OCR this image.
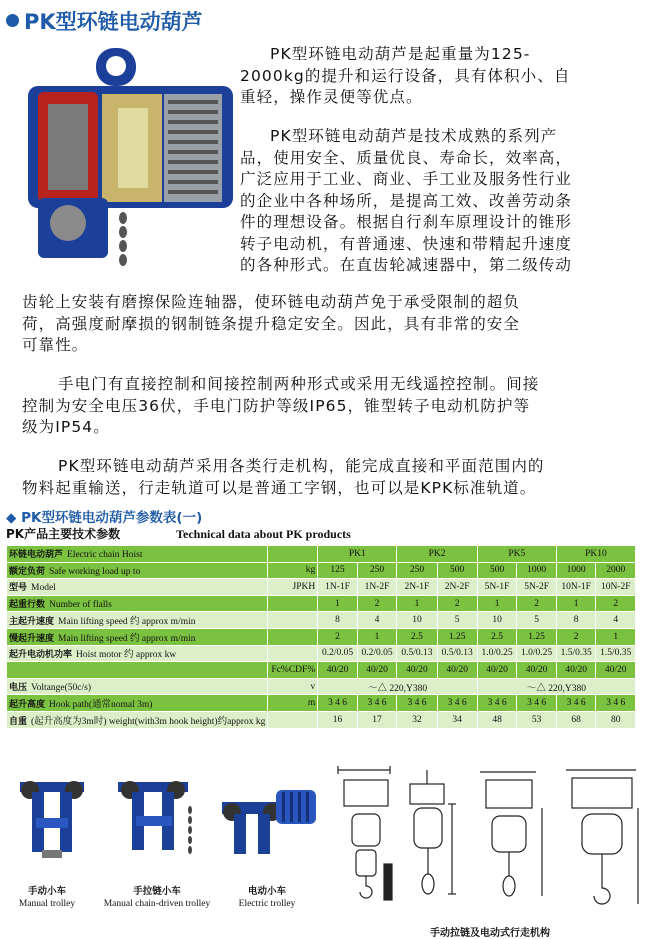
PK型环链电动葫芦
PK型环链电动葫芦是起重量为125-
2000kg的提升和运行设备，具有体积小、自
重轻，操作灵便等优点。
PK型环链电动葫芦是技术成熟的系列产
品，使用安全、质量优良、寿命长，效率高，
广泛应用于工业、商业、手工业及服务性行业
的企业中各种场所，是提高工效、改善劳动条
件的理想设备。根据自行刹车原理设计的锥形
转子电动机，有普通速、快速和带精起升速度
的各种形式。在直齿轮减速器中，第二级传动
齿轮上安装有磨擦保险连轴器，使环链电动葫芦免于承受限制的超负
荷，高强度耐摩损的钢制链条提升稳定安全。因此，具有非常的安全
可靠性。
手电门有直接控制和间接控制两种形式或采用无线遥控控制。间接
控制为安全电压36伏，手电门防护等级IP65，锥型转子电动机防护等
级为IP54。
PK型环链电动葫芦采用各类行走机构，能完成直接和平面范围内的
物料起重输送，行走轨道可以是普通工字钢，也可以是KPK标准轨道。
◆ PK型环链电动葫芦参数表(一)
PK产品主要技术参数	Technical data about PK products
环链电动葫芦 Electric chain Hoist		PK1		PK2		PK5		PK10	
额定负荷 Safe working load up to	kg	125	250	250	500	500	1000	1000	2000
型号 Model	JPKH	1N-1F	1N-2F	2N-1F	2N-2F	5N-1F	5N-2F	10N-1F	10N-2F
起重行数 Number of flalls		1	2	1	2	1	2	1	2
主起升速度 Main lifting speed 约 approx m/min		8	4	10	5	10	5	8	4
慢起升速度 Main lifting speed 约 approx m/min		2	1	2.5	1.25	2.5	1.25	2	1
起升电动机功率 Hoist motor 约 approx kw		0.2/0.05	0.2/0.05	0.5/0.13	0.5/0.13	1.0/0.25	1.0/0.25	1.5/0.35	1.5/0.35
	Fc%CDF%	40/20	40/20	40/20	40/20	40/20	40/20	40/20	40/20
电压 Voltange(50c/s)	v	～△ 220,Y380				～△ 220,Y380			
起升高度 Hook path(通常nomal 3m)	m	3 4 6	3 4 6	3 4 6	3 4 6	3 4 6	3 4 6	3 4 6	3 4 6
自重 (起升高度为3m时) weight(with3m hook height)约approx kg		16	17	32	34	48	53	68	80
手动小车
Manual trolley
手拉链小车
Manual chain-driven trolley
电动小车
Electric trolley
手动拉链及电动式行走机构
